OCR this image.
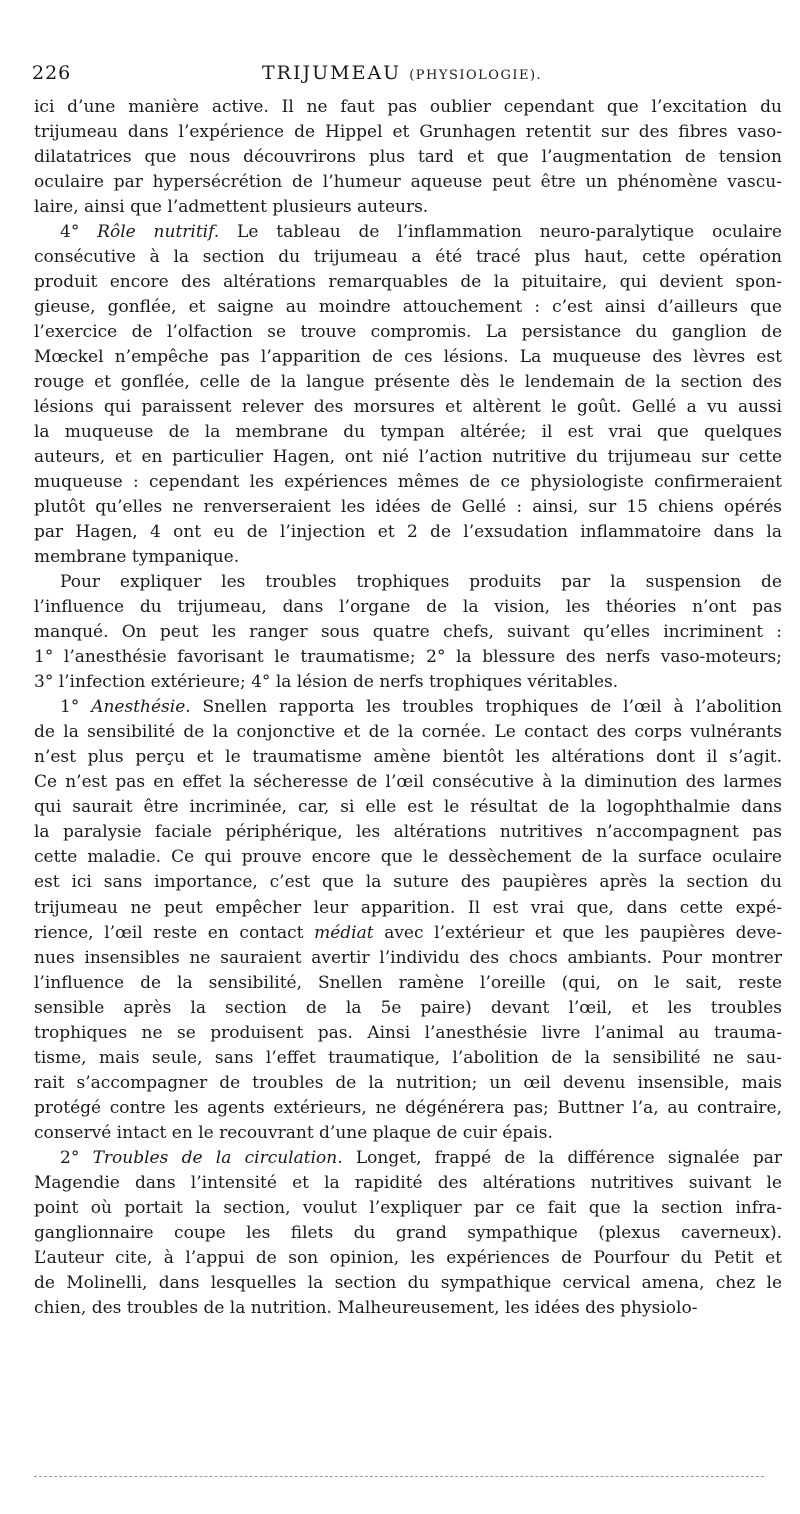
226	TRIJUMEAU (PHYSIOLOGIE).
ici d’une manière active. Il ne faut pas oublier cependant que l’excitation du
trijumeau dans l’expérience de Hippel et Grunhagen retentit sur des fibres vaso-
dilatatrices que nous découvrirons plus tard et que l’augmentation de tension
oculaire par hypersécrétion de l’humeur aqueuse peut être un phénomène vascu-
laire, ainsi que l’admettent plusieurs auteurs.
4° Rôle nutritif. Le tableau de l’inflammation neuro-paralytique oculaire
consécutive à la section du trijumeau a été tracé plus haut, cette opération
produit encore des altérations remarquables de la pituitaire, qui devient spon-
gieuse, gonflée, et saigne au moindre attouchement : c’est ainsi d’ailleurs que
l’exercice de l’olfaction se trouve compromis. La persistance du ganglion de
Mœckel n’empêche pas l’apparition de ces lésions. La muqueuse des lèvres est
rouge et gonflée, celle de la langue présente dès le lendemain de la section des
lésions qui paraissent relever des morsures et altèrent le goût. Gellé a vu aussi
la muqueuse de la membrane du tympan altérée; il est vrai que quelques
auteurs, et en particulier Hagen, ont nié l’action nutritive du trijumeau sur cette
muqueuse : cependant les expériences mêmes de ce physiologiste confirmeraient
plutôt qu’elles ne renverseraient les idées de Gellé : ainsi, sur 15 chiens opérés
par Hagen, 4 ont eu de l’injection et 2 de l’exsudation inflammatoire dans la
membrane tympanique.
Pour expliquer les troubles trophiques produits par la suspension de
l’influence du trijumeau, dans l’organe de la vision, les théories n’ont pas
manqué. On peut les ranger sous quatre chefs, suivant qu’elles incriminent :
1° l’anesthésie favorisant le traumatisme; 2° la blessure des nerfs vaso-moteurs;
3° l’infection extérieure; 4° la lésion de nerfs trophiques véritables.
1° Anesthésie. Snellen rapporta les troubles trophiques de l’œil à l’abolition
de la sensibilité de la conjonctive et de la cornée. Le contact des corps vulnérants
n’est plus perçu et le traumatisme amène bientôt les altérations dont il s’agit.
Ce n’est pas en effet la sécheresse de l’œil consécutive à la diminution des larmes
qui saurait être incriminée, car, si elle est le résultat de la logophthalmie dans
la paralysie faciale périphérique, les altérations nutritives n’accompagnent pas
cette maladie. Ce qui prouve encore que le dessèchement de la surface oculaire
est ici sans importance, c’est que la suture des paupières après la section du
trijumeau ne peut empêcher leur apparition. Il est vrai que, dans cette expé-
rience, l’œil reste en contact médiat avec l’extérieur et que les paupières deve-
nues insensibles ne sauraient avertir l’individu des chocs ambiants. Pour montrer
l’influence de la sensibilité, Snellen ramène l’oreille (qui, on le sait, reste
sensible après la section de la 5e paire) devant l’œil, et les troubles
trophiques ne se produisent pas. Ainsi l’anesthésie livre l’animal au trauma-
tisme, mais seule, sans l’effet traumatique, l’abolition de la sensibilité ne sau-
rait s’accompagner de troubles de la nutrition; un œil devenu insensible, mais
protégé contre les agents extérieurs, ne dégénérera pas; Buttner l’a, au contraire,
conservé intact en le recouvrant d’une plaque de cuir épais.
2° Troubles de la circulation. Longet, frappé de la différence signalée par
Magendie dans l’intensité et la rapidité des altérations nutritives suivant le
point où portait la section, voulut l’expliquer par ce fait que la section infra-
ganglionnaire coupe les filets du grand sympathique (plexus caverneux).
L’auteur cite, à l’appui de son opinion, les expériences de Pourfour du Petit et
de Molinelli, dans lesquelles la section du sympathique cervical amena, chez le
chien, des troubles de la nutrition. Malheureusement, les idées des physiolo-
